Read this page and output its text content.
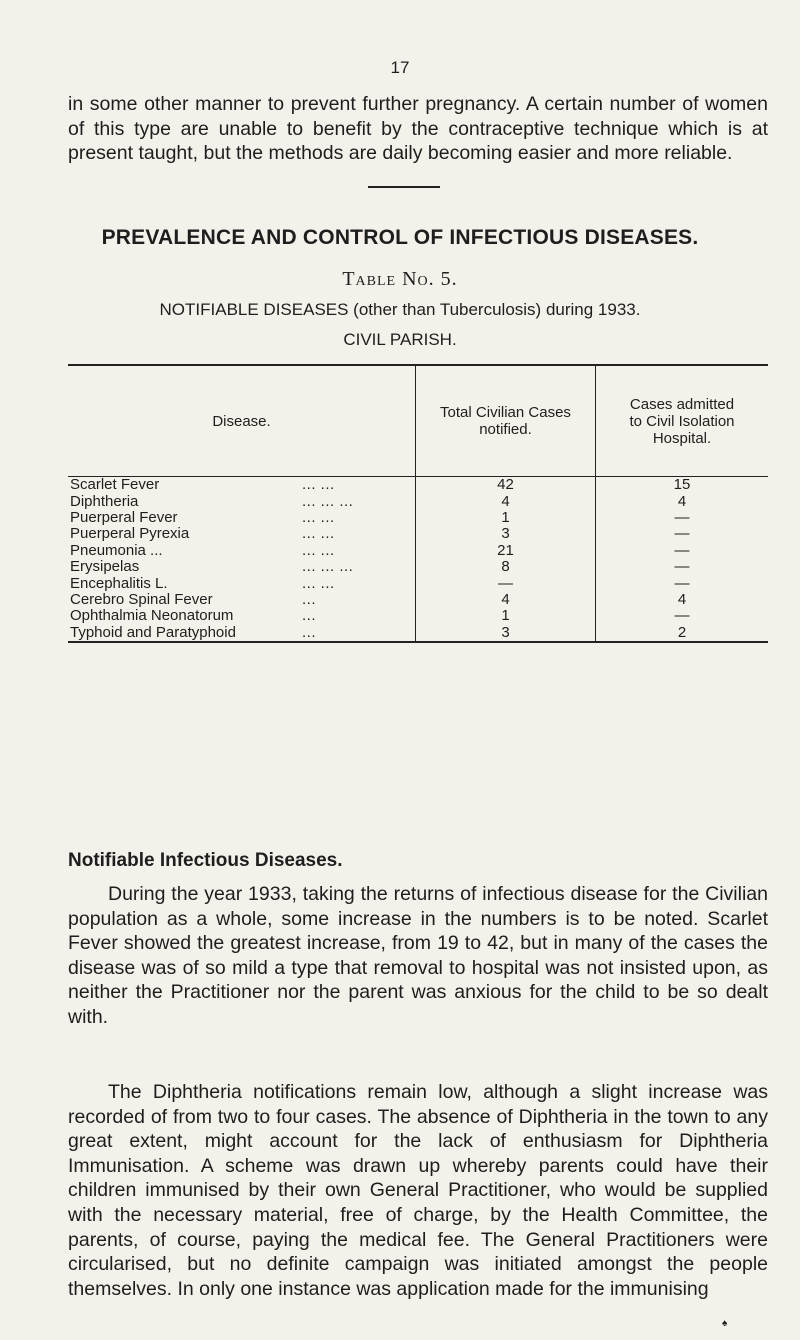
17

in some other manner to prevent further pregnancy. A certain number of women of this type are unable to benefit by the contraceptive technique which is at present taught, but the methods are daily becoming easier and more reliable.

PREVALENCE AND CONTROL OF INFECTIOUS DISEASES.

Table No. 5.

NOTIFIABLE DISEASES (other than Tuberculosis) during 1933.

CIVIL PARISH.

Disease.	Total Civilian Cases notified.	Cases admitted to Civil Isolation Hospital.
Scarlet Fever ... ...	42	15
Diphtheria ... ... ...	4	4
Puerperal Fever ... ...	1	—
Puerperal Pyrexia ... ...	3	—
Pneumonia ... ... ...	21	—
Erysipelas ... ... ...	8	—
Encephalitis L. ... ...	—	—
Cerebro Spinal Fever ...	4	4
Ophthalmia Neonatorum ...	1	—
Typhoid and Paratyphoid ...	3	2

Notifiable Infectious Diseases.

During the year 1933, taking the returns of infectious disease for the Civilian population as a whole, some increase in the numbers is to be noted. Scarlet Fever showed the greatest increase, from 19 to 42, but in many of the cases the disease was of so mild a type that removal to hospital was not insisted upon, as neither the Practitioner nor the parent was anxious for the child to be so dealt with.

The Diphtheria notifications remain low, although a slight increase was recorded of from two to four cases. The absence of Diphtheria in the town to any great extent, might account for the lack of enthusiasm for Diphtheria Immunisation. A scheme was drawn up whereby parents could have their children immunised by their own General Practitioner, who would be supplied with the necessary material, free of charge, by the Health Committee, the parents, of course, paying the medical fee. The General Practitioners were circularised, but no definite campaign was initiated amongst the people themselves. In only one instance was application made for the immunising

♠
